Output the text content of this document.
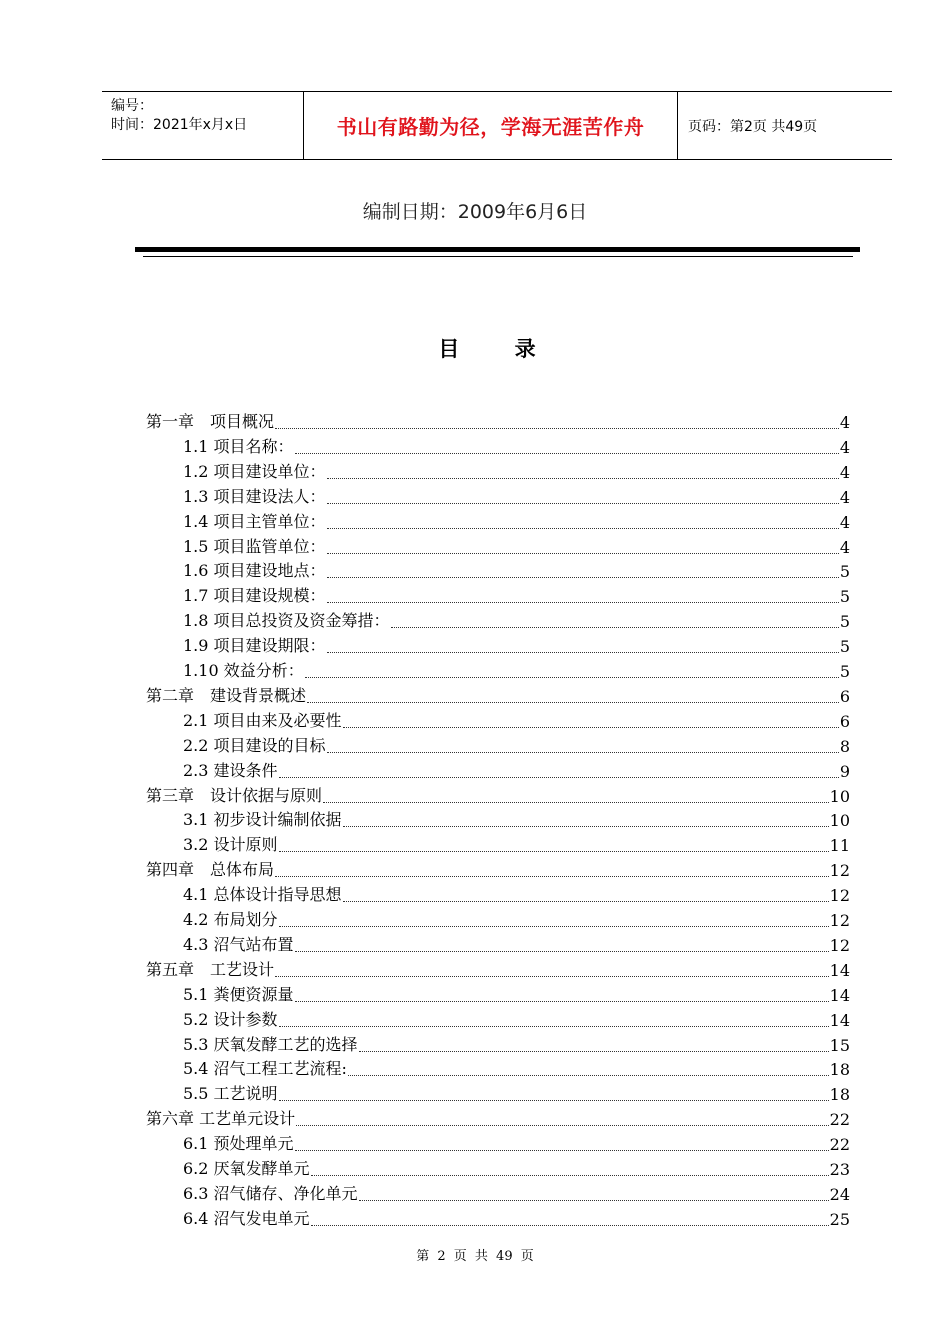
编号：
时间：2021年x月x日	书山有路勤为径，学海无涯苦作舟	页码：第2页 共49页
编制日期：2009年6月6日
目 录
第一章　项目概况	4
1.1 项目名称：	4
1.2 项目建设单位：	4
1.3 项目建设法人：	4
1.4 项目主管单位：	4
1.5 项目监管单位：	4
1.6 项目建设地点：	5
1.7 项目建设规模：	5
1.8 项目总投资及资金筹措：	5
1.9 项目建设期限：	5
1.10 效益分析：	5
第二章　建设背景概述	6
2.1 项目由来及必要性	6
2.2 项目建设的目标	8
2.3 建设条件	9
第三章　设计依据与原则	10
3.1 初步设计编制依据	10
3.2 设计原则	11
第四章　总体布局	12
4.1 总体设计指导思想	12
4.2 布局划分	12
4.3 沼气站布置	12
第五章　工艺设计	14
5.1 粪便资源量	14
5.2 设计参数	14
5.3 厌氧发酵工艺的选择	15
5.4 沼气工程工艺流程:	18
5.5 工艺说明	18
第六章 工艺单元设计	22
6.1 预处理单元	22
6.2 厌氧发酵单元	23
6.3 沼气储存、净化单元	24
6.4 沼气发电单元	25
第 2 页 共 49 页
